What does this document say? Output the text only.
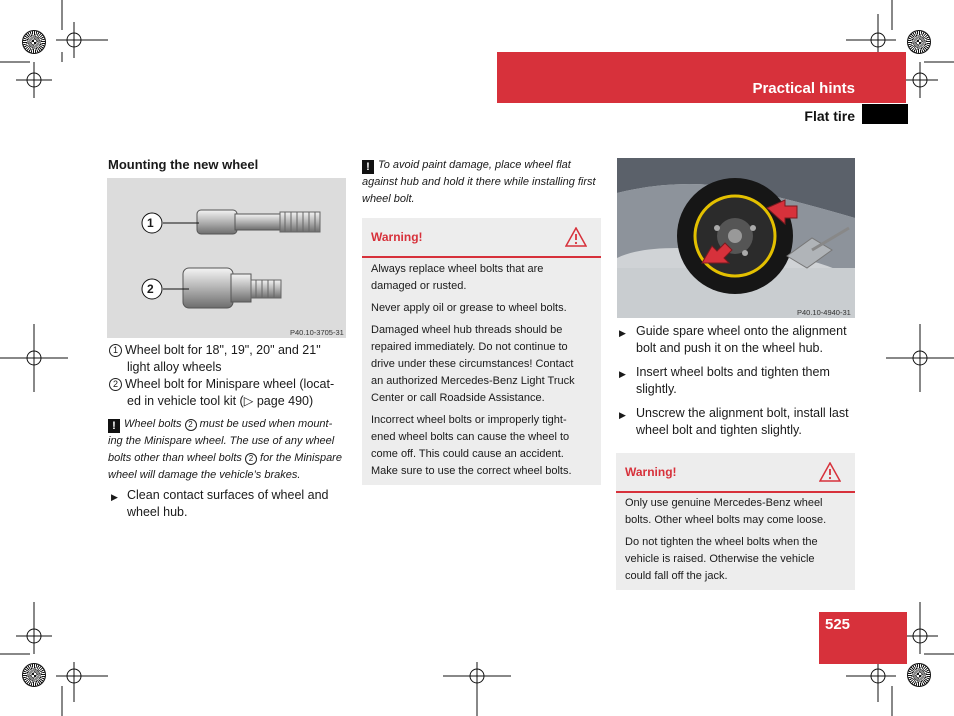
Practical hints
Flat tire
Mounting the new wheel
1
2
P40.10-3705-31
1 Wheel bolt for 18", 19", 20" and 21"
light alloy wheels
2 Wheel bolt for Minispare wheel (locat-
ed in vehicle tool kit (▷ page 490)
! Wheel bolts 2 must be used when mount-
ing the Minispare wheel. The use of any wheel
bolts other than wheel bolts 2 for the Minispare
wheel will damage the vehicle’s brakes.
▶ Clean contact surfaces of wheel and
wheel hub.
! To avoid paint damage, place wheel flat
against hub and hold it there while installing first
wheel bolt.
Warning!
Always replace wheel bolts that are
damaged or rusted.
Never apply oil or grease to wheel bolts.
Damaged wheel hub threads should be
repaired immediately. Do not continue to
drive under these circumstances! Contact
an authorized Mercedes-Benz Light Truck
Center or call Roadside Assistance.
Incorrect wheel bolts or improperly tight-
ened wheel bolts can cause the wheel to
come off. This could cause an accident.
Make sure to use the correct wheel bolts.
P40.10-4940-31
▶ Guide spare wheel onto the alignment
bolt and push it on the wheel hub.
▶ Insert wheel bolts and tighten them
slightly.
▶ Unscrew the alignment bolt, install last
wheel bolt and tighten slightly.
Warning!
Only use genuine Mercedes-Benz wheel
bolts. Other wheel bolts may come loose.
Do not tighten the wheel bolts when the
vehicle is raised. Otherwise the vehicle
could fall off the jack.
525
